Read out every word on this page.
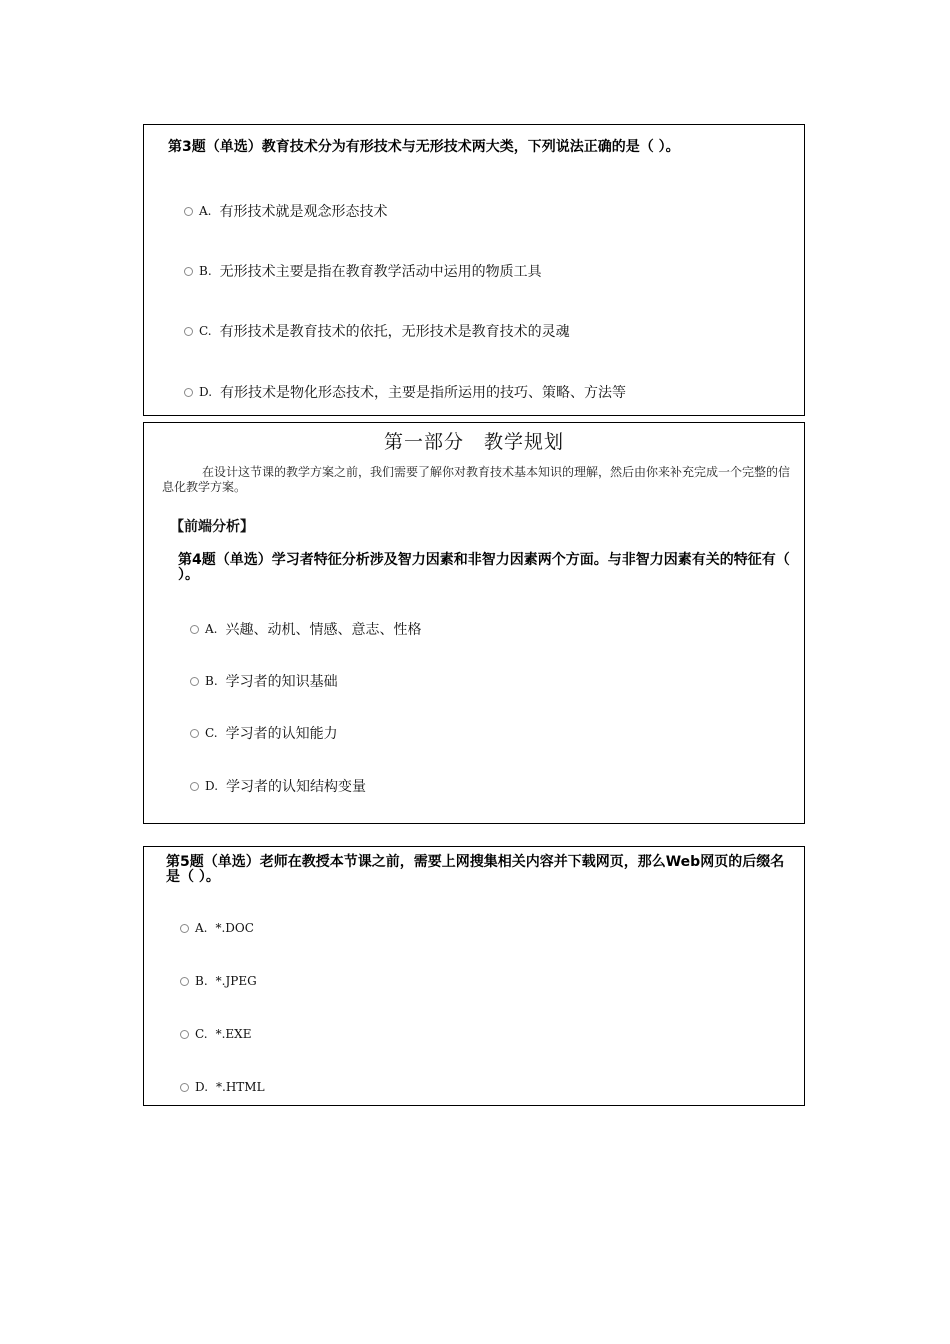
第3题（单选）教育技术分为有形技术与无形技术两大类，下列说法正确的是（ ）。
A. 有形技术就是观念形态技术
B. 无形技术主要是指在教育教学活动中运用的物质工具
C. 有形技术是教育技术的依托，无形技术是教育技术的灵魂
D. 有形技术是物化形态技术，主要是指所运用的技巧、策略、方法等
第一部分　教学规划
在设计这节课的教学方案之前，我们需要了解你对教育技术基本知识的理解，然后由你来补充完成一个完整的信息化教学方案。
【前端分析】
第4题（单选）学习者特征分析涉及智力因素和非智力因素两个方面。与非智力因素有关的特征有（ ）。
A. 兴趣、动机、情感、意志、性格
B. 学习者的知识基础
C. 学习者的认知能力
D. 学习者的认知结构变量
第5题（单选）老师在教授本节课之前，需要上网搜集相关内容并下载网页，那么Web网页的后缀名是（ ）。
A. *.DOC
B. *.JPEG
C. *.EXE
D. *.HTML
